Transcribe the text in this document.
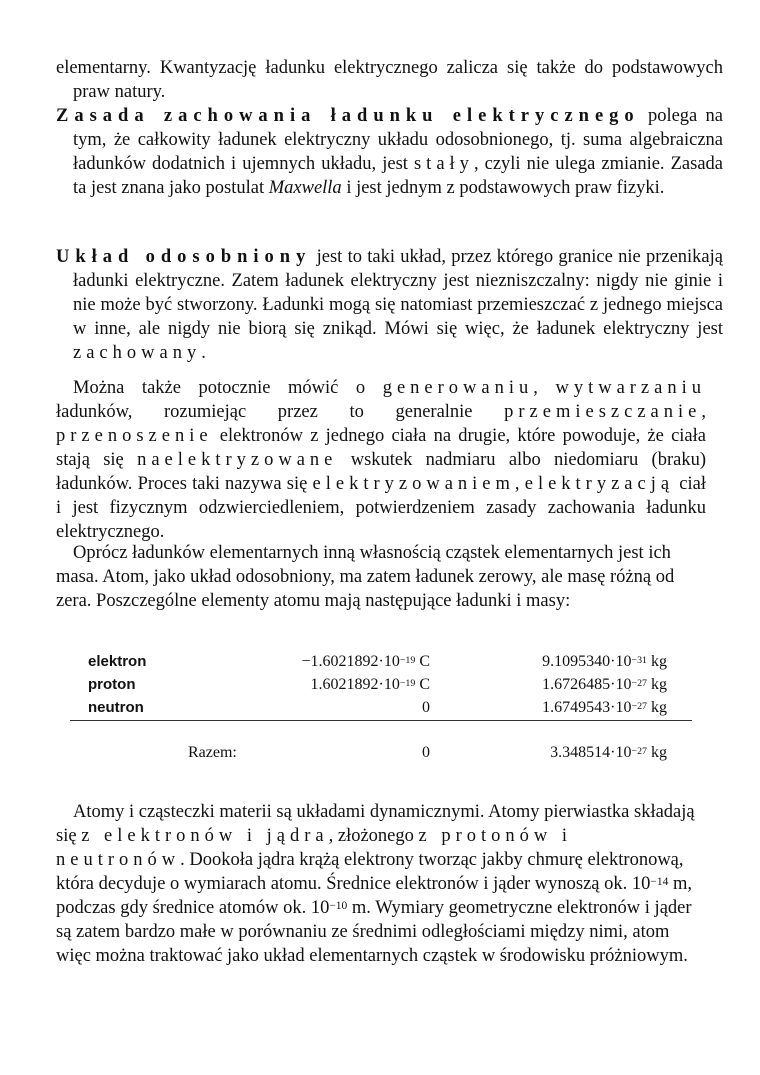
elementarny. Kwantyzację ładunku elektrycznego zalicza się także do podstawowych praw natury.

Zasada zachowania ładunku elektrycznego polega na tym, że całkowity ładunek elektryczny układu odosobnionego, tj. suma algebraiczna ładunków dodatnich i ujemnych układu, jest stały, czyli nie ulega zmianie. Zasada ta jest znana jako postulat Maxwella i jest jednym z podstawowych praw fizyki.

Układ odosobniony jest to taki układ, przez którego granice nie przenikają ładunki elektryczne. Zatem ładunek elektryczny jest niezniszczalny: nigdy nie ginie i nie może być stworzony. Ładunki mogą się natomiast przemieszczać z jednego miejsca w inne, ale nigdy nie biorą się znikąd. Mówi się więc, że ładunek elektryczny jest zachowany.

Można także potocznie mówić o generowaniu, wytwarzaniu ładunków, rozumiejąc przez to generalnie przemieszczanie, przenoszenie elektronów z jednego ciała na drugie, które powoduje, że ciała stają się naelektryzowane wskutek nadmiaru albo niedomiaru (braku) ładunków. Proces taki nazywa się elektryzowaniem, elektryzacją ciał i jest fizycznym odzwierciedleniem, potwierdzeniem zasady zachowania ładunku elektrycznego.

Oprócz ładunków elementarnych inną własnością cząstek elementarnych jest ich masa. Atom, jako układ odosobniony, ma zatem ładunek zerowy, ale masę różną od zera. Poszczególne elementy atomu mają następujące ładunki i masy:

elektron	$-1.6021892\cdot 10^{-19}$ C	$9.1095340\cdot 10^{-31}$ kg
proton	$1.6021892\cdot 10^{-19}$ C	$1.6726485\cdot 10^{-27}$ kg
neutron	0	$1.6749543\cdot 10^{-27}$ kg
Razem:	0	$3.348514\cdot 10^{-27}$ kg

Atomy i cząsteczki materii są układami dynamicznymi. Atomy pierwiastka składają się z elektronów i jądra, złożonego z protonów i neutronów. Dookoła jądra krążą elektrony tworząc jakby chmurę elektronową, która decyduje o wymiarach atomu. Średnice elektronów i jąder wynoszą ok. $10^{-14}$ m, podczas gdy średnice atomów ok. $10^{-10}$ m. Wymiary geometryczne elektronów i jąder są zatem bardzo małe w porównaniu ze średnimi odległościami między nimi, atom więc można traktować jako układ elementarnych cząstek w środowisku próżniowym.
